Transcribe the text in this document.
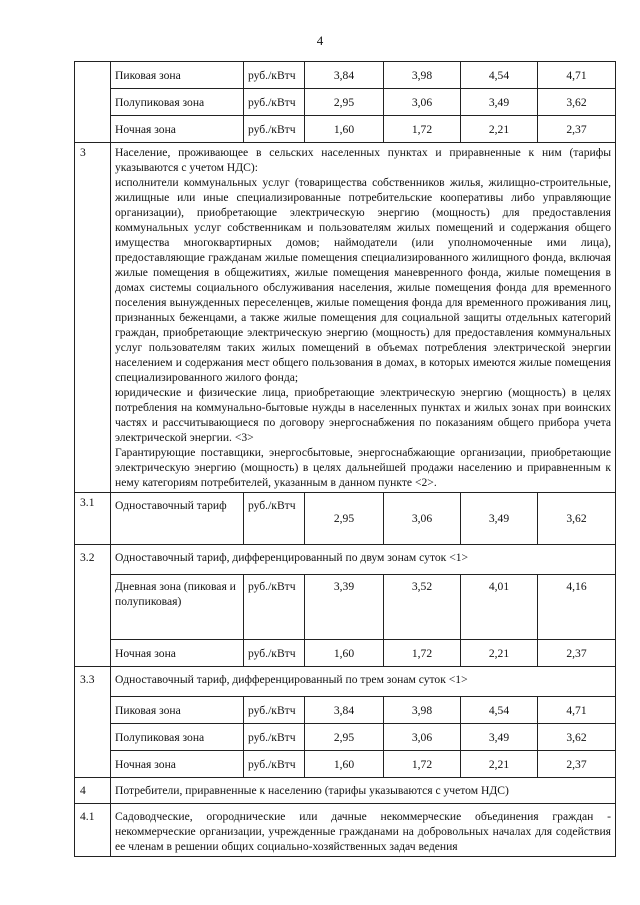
4
	Пиковая зона	руб./кВтч	3,84	3,98	4,54	4,71
	Полупиковая зона	руб./кВтч	2,95	3,06	3,49	3,62
	Ночная зона	руб./кВтч	1,60	1,72	2,21	2,37
3	Население, проживающее в сельских населенных пунктах и приравненные к ним (тарифы указываются с учетом НДС):

исполнители коммунальных услуг (товарищества собственников жилья, жилищно-строительные, жилищные или иные специализированные потребительские кооперативы либо управляющие организации), приобретающие электрическую энергию (мощность) для предоставления коммунальных услуг собственникам и пользователям жилых помещений и содержания общего имущества многоквартирных домов; наймодатели (или уполномоченные ими лица), предоставляющие гражданам жилые помещения специализированного жилищного фонда, включая жилые помещения в общежитиях, жилые помещения маневренного фонда, жилые помещения в домах системы социального обслуживания населения, жилые помещения фонда для временного поселения вынужденных переселенцев, жилые помещения фонда для временного проживания лиц, признанных беженцами, а также жилые помещения для социальной защиты отдельных категорий граждан, приобретающие электрическую энергию (мощность) для предоставления коммунальных услуг пользователям таких жилых помещений в объемах потребления электрической энергии населением и содержания мест общего пользования в домах, в которых имеются жилые помещения специализированного жилого фонда;

юридические и физические лица, приобретающие электрическую энергию (мощность) в целях потребления на коммунально-бытовые нужды в населенных пунктах и жилых зонах при воинских частях и рассчитывающиеся по договору энергоснабжения по показаниям общего прибора учета электрической энергии. <3>

Гарантирующие поставщики, энергосбытовые, энергоснабжающие организации, приобретающие электрическую энергию (мощность) в целях дальнейшей продажи населению и приравненным к нему категориям потребителей, указанным в данном пункте <2>.					

3.1	Одноставочный тариф	руб./кВтч	2,95	3,06	3,49	3,62
3.2	Одноставочный тариф, дифференцированный по двум зонам суток <1>					
	Дневная зона (пиковая и полупиковая)	руб./кВтч	3,39	3,52	4,01	4,16
	Ночная зона	руб./кВтч	1,60	1,72	2,21	2,37
3.3	Одноставочный тариф, дифференцированный по трем зонам суток <1>					
	Пиковая зона	руб./кВтч	3,84	3,98	4,54	4,71
	Полупиковая зона	руб./кВтч	2,95	3,06	3,49	3,62
	Ночная зона	руб./кВтч	1,60	1,72	2,21	2,37
4	Потребители, приравненные к населению (тарифы указываются с учетом НДС)					
4.1	Садоводческие, огороднические или дачные некоммерческие объединения граждан - некоммерческие организации, учрежденные гражданами на добровольных началах для содействия ее членам в решении общих социально-хозяйственных задач ведения					
